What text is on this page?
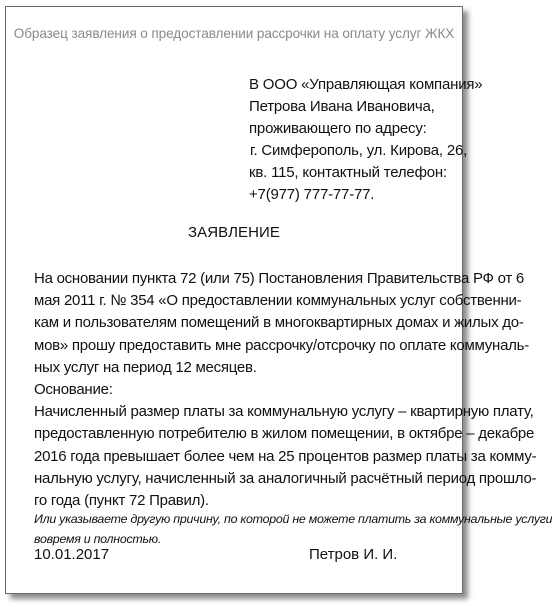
Образец заявления о предоставлении рассрочки на оплату услуг ЖКХ
В ООО «Управляющая компания»
Петрова Ивана Ивановича,
проживающего по адресу:
г. Симферополь, ул. Кирова, 26,
кв. 115, контактный телефон:
+7(977) 777-77-77.
ЗАЯВЛЕНИЕ
На основании пункта 72 (или 75) Постановления Правительства РФ от 6
мая 2011 г. № 354 «О предоставлении коммунальных услуг собственни-
кам и пользователям помещений в многоквартирных домах и жилых до-
мов» прошу предоставить мне рассрочку/отсрочку по оплате коммуналь-
ных услуг на период 12 месяцев.
Основание:
Начисленный размер платы за коммунальную услугу – квартирную плату,
предоставленную потребителю в жилом помещении, в октябре – декабре
2016 года превышает более чем на 25 процентов размер платы за комму-
нальную услугу, начисленный за аналогичный расчётный период прошло-
го года (пункт 72 Правил).
Или указываете другую причину, по которой не можете платить за коммунальные услуги
вовремя и полностью.
10.01.2017	Петров И. И.
